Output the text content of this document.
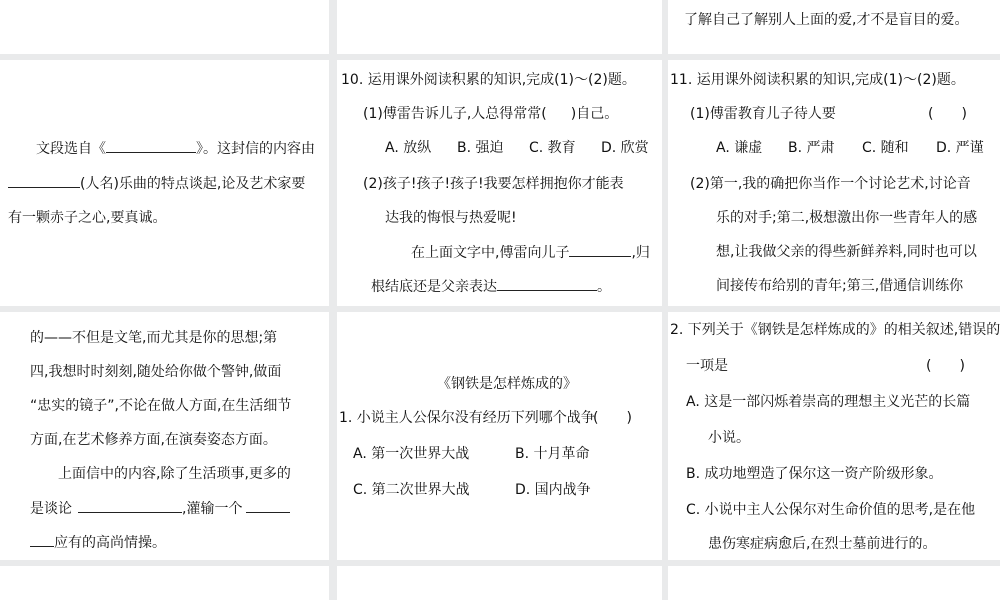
了解自己了解别人上面的爱,才不是盲目的爱。
文段选自《	》。这封信的内容由
(人名)乐曲的特点谈起,论及艺术家要
有一颗赤子之心,要真诚。
10. 运用课外阅读积累的知识,完成(1)～(2)题。
(1)傅雷告诉儿子,人总得常常( )自己。
A. 放纵 B. 强迫 C. 教育 D. 欣赏
(2)孩子!孩子!孩子!我要怎样拥抱你才能表
达我的悔恨与热爱呢!
在上面文字中,傅雷向儿子	,归
根结底还是父亲表达	。
11. 运用课外阅读积累的知识,完成(1)～(2)题。
(1)傅雷教育儿子待人要	(　　)
A. 谦虚 B. 严肃 C. 随和 D. 严谨
(2)第一,我的确把你当作一个讨论艺术,讨论音
乐的对手;第二,极想激出你一些青年人的感
想,让我做父亲的得些新鲜养料,同时也可以
间接传布给别的青年;第三,借通信训练你
的——不但是文笔,而尤其是你的思想;第
四,我想时时刻刻,随处给你做个警钟,做面
“忠实的镜子”,不论在做人方面,在生活细节
方面,在艺术修养方面,在演奏姿态方面。
上面信中的内容,除了生活琐事,更多的
是谈论	,灌输一个
应有的高尚情操。
《钢铁是怎样炼成的》
1. 小说主人公保尔没有经历下列哪个战争
(　　)
A. 第一次世界大战	B. 十月革命
C. 第二次世界大战	D. 国内战争
2. 下列关于《钢铁是怎样炼成的》的相关叙述,错误的
一项是	(　　)
A. 这是一部闪烁着崇高的理想主义光芒的长篇
小说。
B. 成功地塑造了保尔这一资产阶级形象。
C. 小说中主人公保尔对生命价值的思考,是在他
患伤寒症病愈后,在烈士墓前进行的。
